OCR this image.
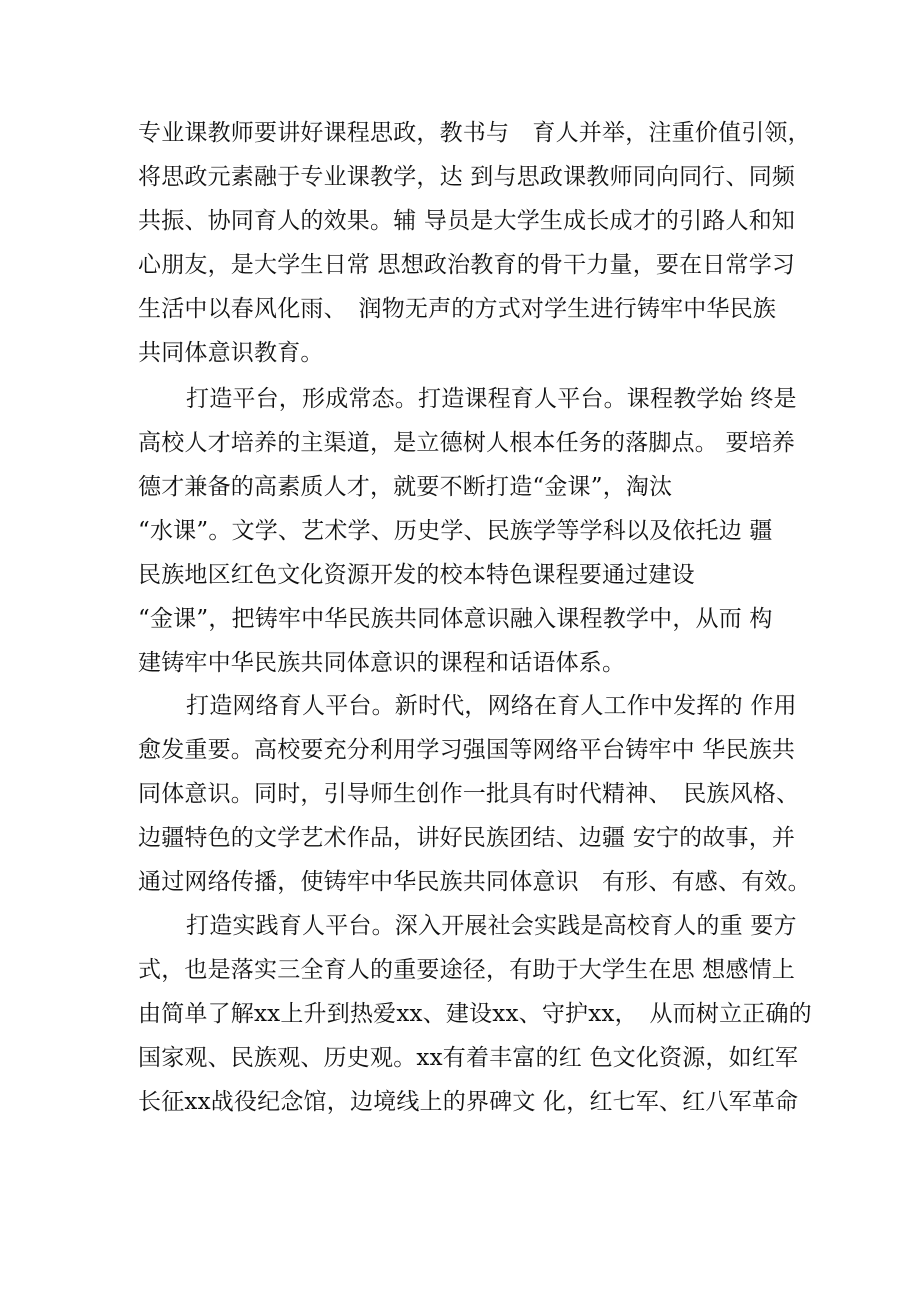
专业课教师要讲好课程思政，教书与　育人并举，注重价值引领，
将思政元素融于专业课教学，达 到与思政课教师同向同行、同频
共振、协同育人的效果。辅 导员是大学生成长成才的引路人和知
心朋友，是大学生日常 思想政治教育的骨干力量，要在日常学习
生活中以春风化雨、　润物无声的方式对学生进行铸牢中华民族
共同体意识教育。
打造平台，形成常态。打造课程育人平台。课程教学始 终是
高校人才培养的主渠道，是立德树人根本任务的落脚点。 要培养
德才兼备的高素质人才，就要不断打造“金课”，淘汰
“水课”。文学、艺术学、历史学、民族学等学科以及依托边 疆
民族地区红色文化资源开发的校本特色课程要通过建设
“金课”，把铸牢中华民族共同体意识融入课程教学中，从而 构
建铸牢中华民族共同体意识的课程和话语体系。
打造网络育人平台。新时代，网络在育人工作中发挥的 作用
愈发重要。高校要充分利用学习强国等网络平台铸牢中 华民族共
同体意识。同时，引导师生创作一批具有时代精神、　民族风格、
边疆特色的文学艺术作品，讲好民族团结、边疆 安宁的故事，并
通过网络传播，使铸牢中华民族共同体意识　有形、有感、有效。
打造实践育人平台。深入开展社会实践是高校育人的重 要方
式，也是落实三全育人的重要途径，有助于大学生在思 想感情上
由简单了解xx上升到热爱xx、建设xx、守护xx，　从而树立正确的
国家观、民族观、历史观。xx有着丰富的红 色文化资源，如红军
长征xx战役纪念馆，边境线上的界碑文 化，红七军、红八军革命
